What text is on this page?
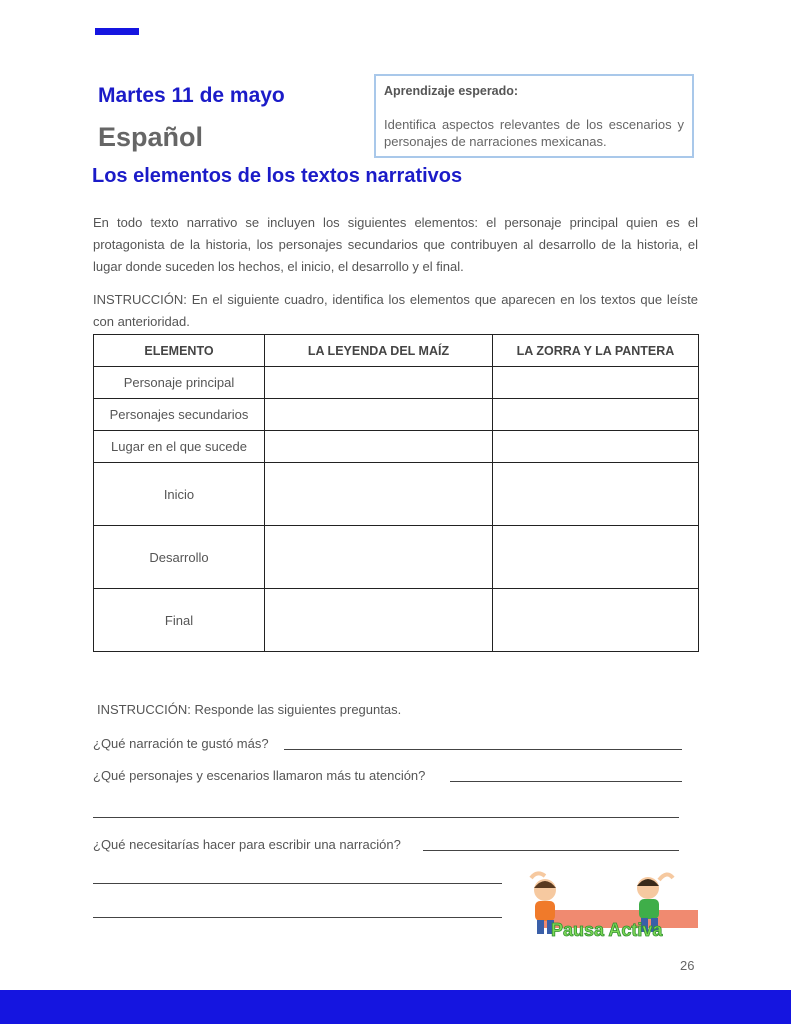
Martes 11 de mayo
Español
Aprendizaje esperado:
Identifica aspectos relevantes de los escenarios y personajes de narraciones mexicanas.
Los elementos de los textos narrativos
En todo texto narrativo se incluyen los siguientes elementos: el personaje principal quien es el protagonista de la historia, los personajes secundarios que contribuyen al desarrollo de la historia, el lugar donde suceden los hechos, el inicio, el desarrollo y el final.
INSTRUCCIÓN: En el siguiente cuadro, identifica los elementos que aparecen en los textos que leíste con anterioridad.
ELEMENTO	LA LEYENDA DEL MAÍZ	LA ZORRA Y LA PANTERA
Personaje principal		
Personajes secundarios		
Lugar en el que sucede		
Inicio		
Desarrollo		
Final		
INSTRUCCIÓN: Responde las siguientes preguntas.
¿Qué narración te gustó más?
¿Qué personajes y escenarios llamaron más tu atención?
¿Qué necesitarías hacer para escribir una narración?
Pausa Activa
26
